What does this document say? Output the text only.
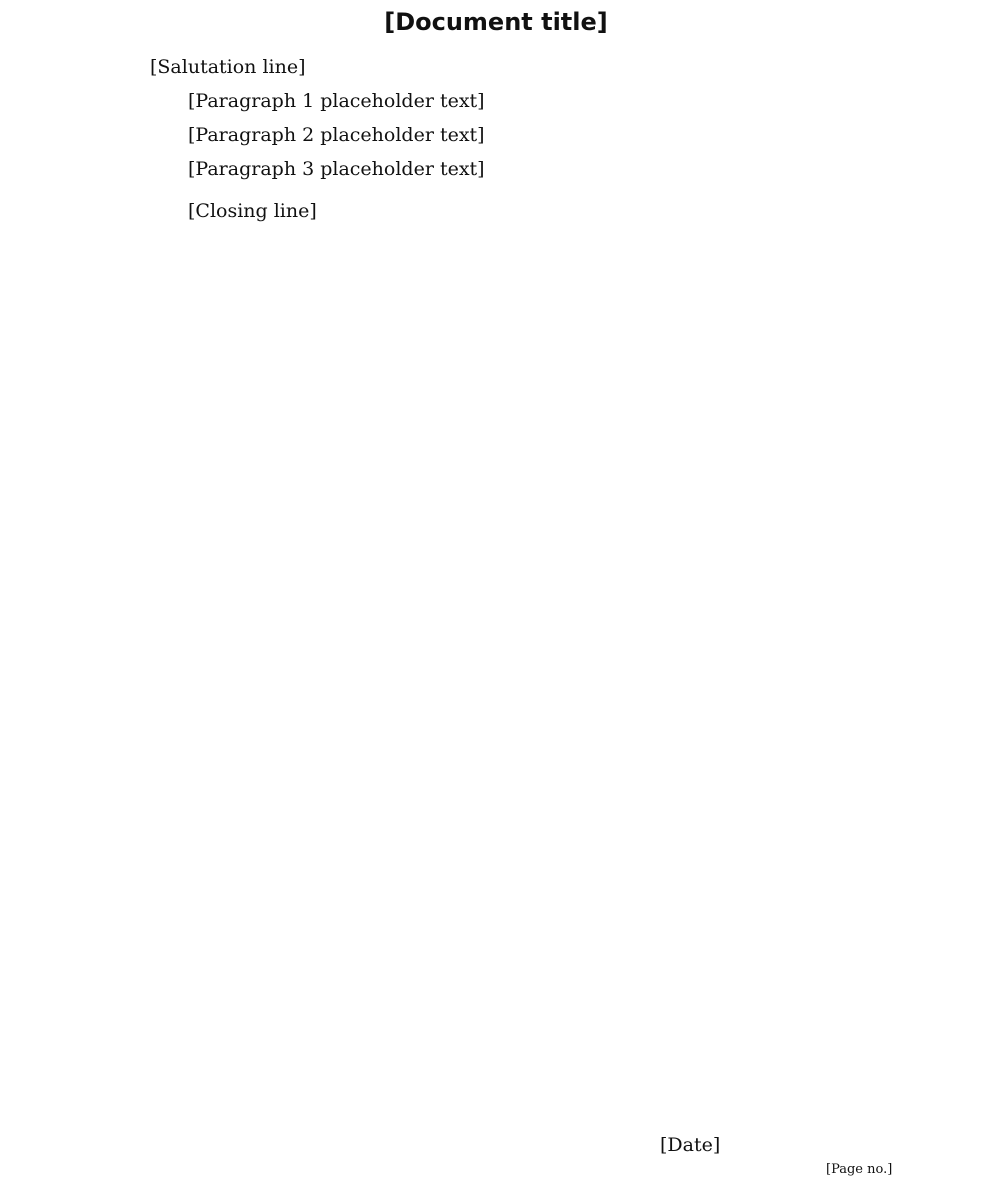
[Document title]

[Salutation line]

[Paragraph 1 placeholder text]

[Paragraph 2 placeholder text]

[Paragraph 3 placeholder text]

[Closing line]

[Date]
[Page no.]
